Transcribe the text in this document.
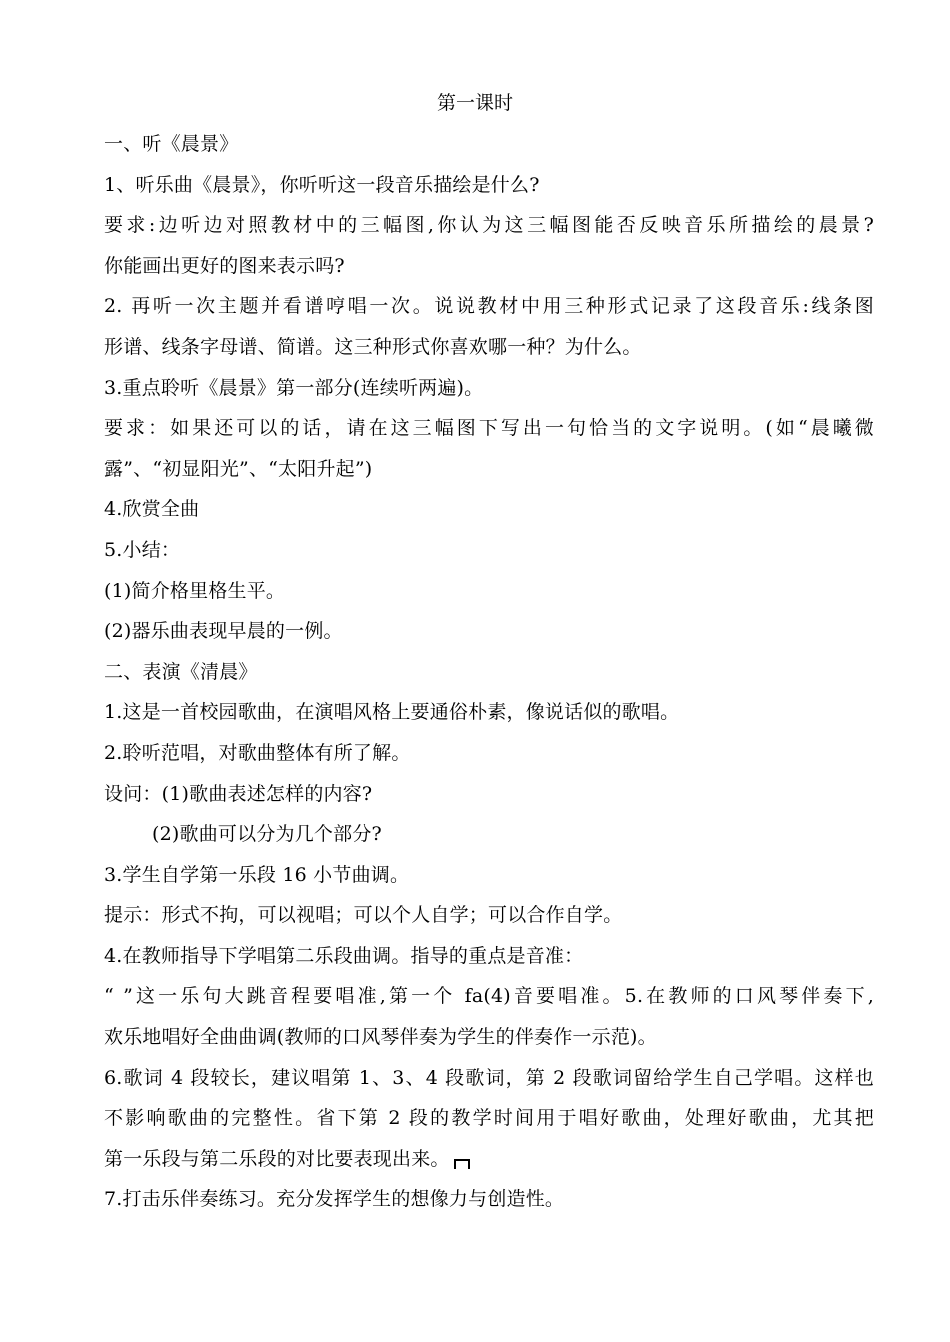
第一课时
一、听《晨景》
1、听乐曲《晨景》，你听听这一段音乐描绘是什么?
要求:边听边对照教材中的三幅图,你认为这三幅图能否反映音乐所描绘的晨景?
你能画出更好的图来表示吗?
2. 再听一次主题并看谱哼唱一次。说说教材中用三种形式记录了这段音乐:线条图
形谱、线条字母谱、简谱。这三种形式你喜欢哪一种？为什么。
3.重点聆听《晨景》第一部分(连续听两遍)。
要求：如果还可以的话，请在这三幅图下写出一句恰当的文字说明。(如“晨曦微
露”、“初显阳光”、“太阳升起”)
4.欣赏全曲
5.小结：
(1)简介格里格生平。
(2)器乐曲表现早晨的一例。
二、表演《清晨》
1.这是一首校园歌曲，在演唱风格上要通俗朴素，像说话似的歌唱。
2.聆听范唱，对歌曲整体有所了解。
设问：(1)歌曲表述怎样的内容?
(2)歌曲可以分为几个部分?
3.学生自学第一乐段 16 小节曲调。
提示：形式不拘，可以视唱；可以个人自学；可以合作自学。
4.在教师指导下学唱第二乐段曲调。指导的重点是音准：
“ ”这一乐句大跳音程要唱准,第一个 fa(4)音要唱准。5.在教师的口风琴伴奏下,
欢乐地唱好全曲曲调(教师的口风琴伴奏为学生的伴奏作一示范)。
6.歌词 4 段较长，建议唱第 1、3、4 段歌词，第 2 段歌词留给学生自己学唱。这样也
不影响歌曲的完整性。省下第 2 段的教学时间用于唱好歌曲，处理好歌曲，尤其把
第一乐段与第二乐段的对比要表现出来。
7.打击乐伴奏练习。充分发挥学生的想像力与创造性。
